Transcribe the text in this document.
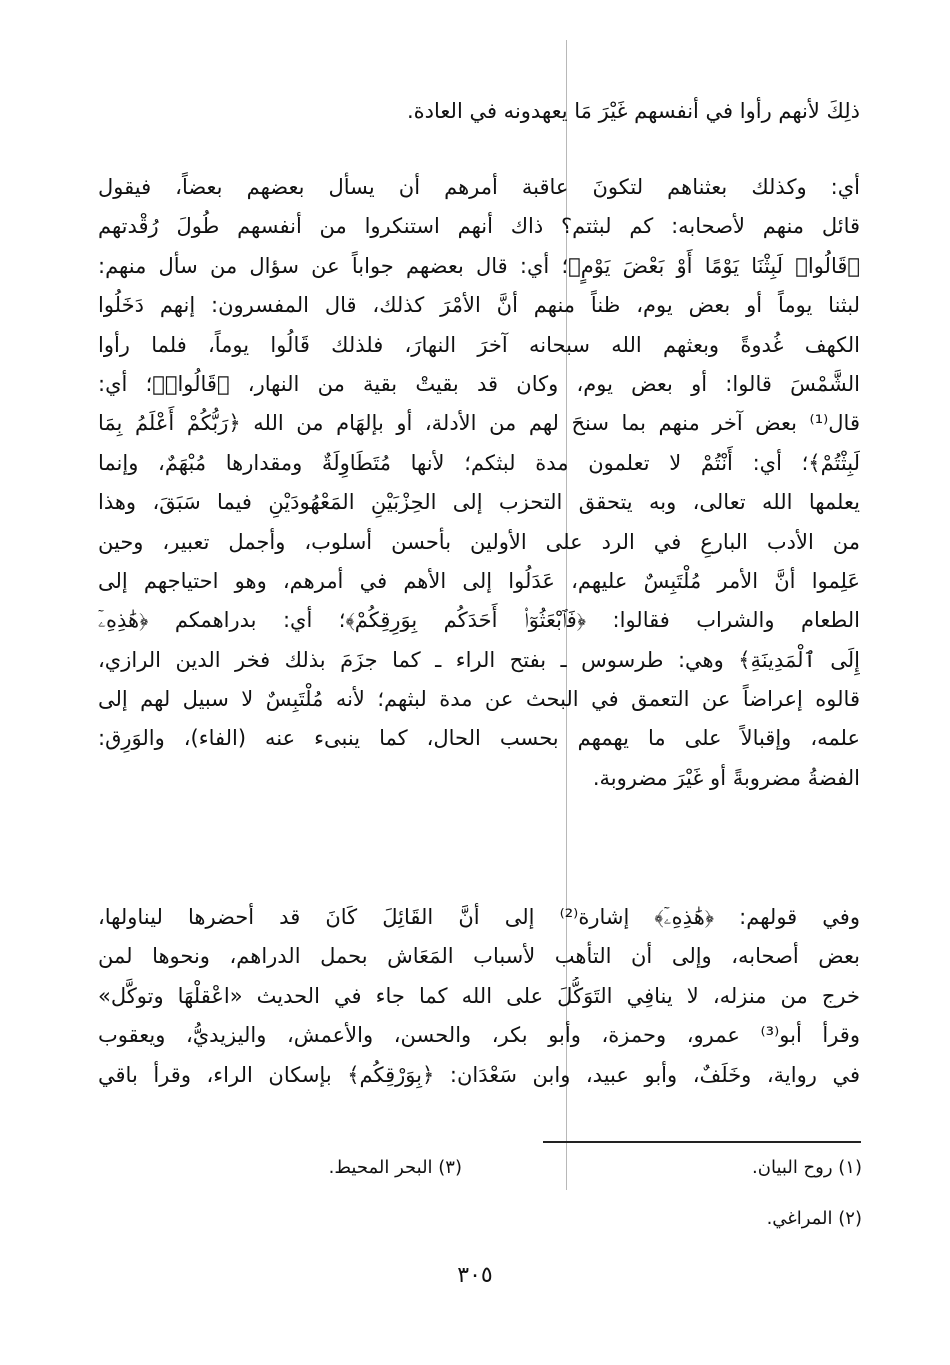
ذلِكَ لأنهم رأوا في أنفسهم غَيْرَ مَا يعهدونه في العادة.
أي: وكذلك بعثناهم لتكونَ عاقبة أمرهم أن يسأل بعضهم بعضاً، فيقول
قائل منهم لأصحابه: كم لبثتم؟ ذاك أنهم استنكروا من أنفسهم طُولَ رُقْدتهم
﴿قَالُوا۟ لَبِثْنَا يَوْمًا أَوْ بَعْضَ يَوْمٍ﴾؛ أي: قال بعضهم جواباً عن سؤال من سأل منهم:
لبثنا يوماً أو بعض يوم، ظناً منهم أنَّ الأمْرَ كذلك، قال المفسرون: إنهم دَخَلُوا
الكهف غُدوةً وبعثهم الله سبحانه آخرَ النهارَ، فلذلك قَالُوا يوماً، فلما رأوا
الشَّمْسَ قالوا: أو بعض يوم، وكان قد بقيتْ بقية من النهار، ﴿قَالُوا۟﴾؛ أي:
قال⁽¹⁾ بعض آخر منهم بما سنحَ لهم من الأدلة، أو بإلهَام من الله ﴿رَبُّكُمْ أَعْلَمُ بِمَا
لَبِثْتُمْ﴾؛ أي: أَنْتُمْ لا تعلمون مدة لبثكم؛ لأنها مُتَطَاوِلَةٌ ومقدارها مُبْهَمٌ، وإنما
يعلمها الله تعالى، وبه يتحقق التحزب إلى الحِزْبَيْنِ المَعْهُودَيْنِ فيما سَبَقَ، وهذا
من الأدب البارعِ في الرد على الأولين بأحسن أسلوب، وأجمل تعبير، وحين
عَلِموا أنَّ الأمر مُلْتَبِسٌ عليهم، عَدَلُوا إلى الأهم في أمرهم، وهو احتياجهم إلى
الطعام والشراب فقالوا: ﴿فَٱبْعَثُوٓا۟ أَحَدَكُم بِوَرِقِكُمْ﴾؛ أي: بدراهمكم ﴿هَٰذِهِۦٓ
إِلَى ٱلْمَدِينَةِ﴾ وهي: طرسوس ـ بفتح الراء ـ كما جزَمَ بذلك فخر الدين الرازي،
قالوه إعراضاً عن التعمق في البحث عن مدة لبثهم؛ لأنه مُلْتَبِسٌ لا سبيل لهم إلى
علمه، وإقبالاً على ما يهمهم بحسب الحال، كما ينبىء عنه (الفاء)، والوَرِق:
الفضةُ مضروبةً أو غَيْرَ مضروبة.
وفي قولهم: ﴿هَٰذِهِۦٓ﴾ إشارة⁽²⁾ إلى أنَّ القَائِلَ كَانَ قد أحضرها ليناولها،
بعض أصحابه، وإلى أن التأهب لأسباب المَعَاش بحمل الدراهم، ونحوها لمن
خرج من منزله، لا ينافِي التَوَكُّلَ على الله كما جاء في الحديث «اعْقلْهَا وتوكَّل»
وقرأ أبو⁽³⁾ عمرو، وحمزة، وأبو بكر، والحسن، والأعمش، واليزيديُّ، ويعقوب
في رواية، وخَلَفٌ، وأبو عبيد، وابن سَعْدَان: ﴿بِوَرْقِكُم﴾ بإسكان الراء، وقرأ باقي
(١) روح البيان.
(٣) البحر المحيط.
(٢) المراغي.
٣٠٥
